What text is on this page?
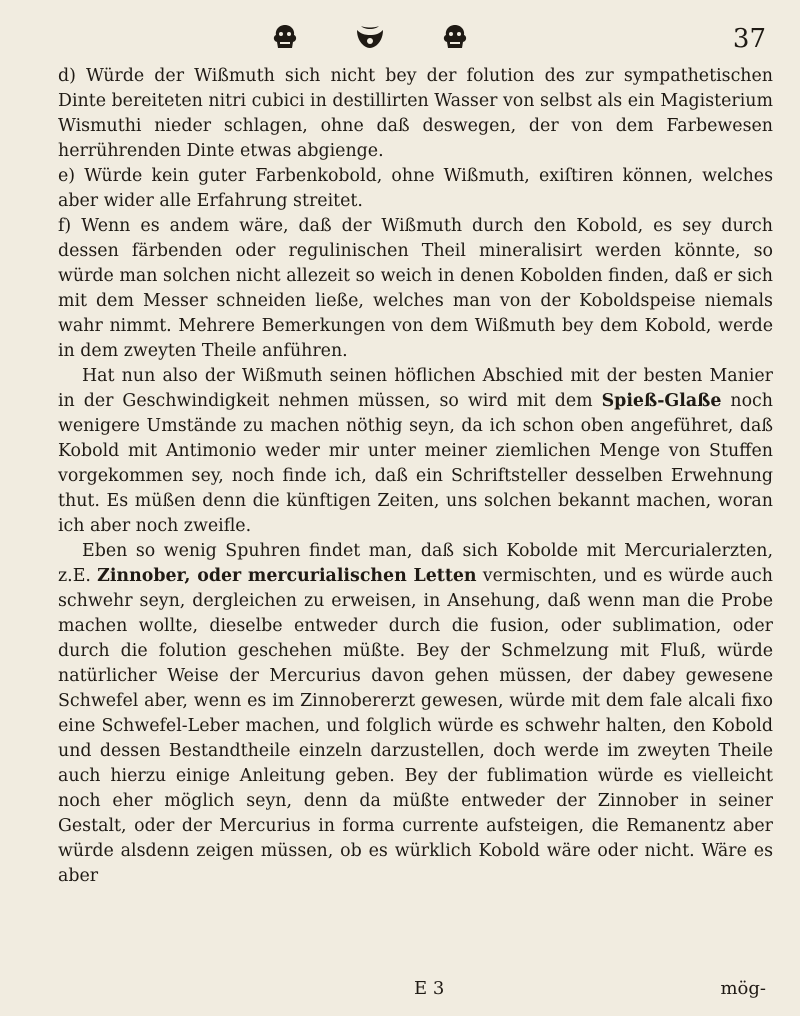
37

d) Würde der Wißmuth sich nicht bey der folution des zur sympathetischen Dinte bereiteten nitri cubici in destillirten Wasser von selbst als ein Magisterium Wismuthi nieder schlagen, ohne daß deswegen, der von dem Farbewesen herrührenden Dinte etwas abgienge.

e) Würde kein guter Farbenkobold, ohne Wißmuth, exiſtiren können, welches aber wider alle Erfahrung streitet.

f) Wenn es andem wäre, daß der Wißmuth durch den Kobold, es sey durch dessen färbenden oder regulinischen Theil mineralisirt werden könnte, so würde man solchen nicht allezeit so weich in denen Kobolden finden, daß er sich mit dem Messer schneiden ließe, welches man von der Koboldspeise niemals wahr nimmt. Mehrere Bemerkungen von dem Wißmuth bey dem Kobold, werde in dem zweyten Theile anführen.

Hat nun also der Wißmuth seinen höflichen Abschied mit der besten Manier in der Geschwindigkeit nehmen müssen, so wird mit dem Spieß-Glaße noch wenigere Umstände zu machen nöthig seyn, da ich schon oben angeführet, daß Kobold mit Antimonio weder mir unter meiner ziemlichen Menge von Stuffen vorgekommen sey, noch finde ich, daß ein Schriftsteller desselben Erwehnung thut. Es müßen denn die künftigen Zeiten, uns solchen bekannt machen, woran ich aber noch zweifle.

Eben so wenig Spuhren findet man, daß sich Kobolde mit Mercurialerzten, z.E. Zinnober, oder mercurialischen Letten vermischten, und es würde auch schwehr seyn, dergleichen zu erweisen, in Ansehung, daß wenn man die Probe machen wollte, dieselbe entweder durch die fusion, oder sublimation, oder durch die folution geschehen müßte. Bey der Schmelzung mit Fluß, würde natürlicher Weise der Mercurius davon gehen müssen, der dabey gewesene Schwefel aber, wenn es im Zinnobererzt gewesen, würde mit dem fale alcali fixo eine Schwefel-Leber machen, und folglich würde es schwehr halten, den Kobold und dessen Bestandtheile einzeln darzustellen, doch werde im zweyten Theile auch hierzu einige Anleitung geben. Bey der fublimation würde es vielleicht noch eher möglich seyn, denn da müßte entweder der Zinnober in seiner Gestalt, oder der Mercurius in forma currente aufsteigen, die Remanentz aber würde alsdenn zeigen müssen, ob es würklich Kobold wäre oder nicht. Wäre es aber

E 3	mög-
